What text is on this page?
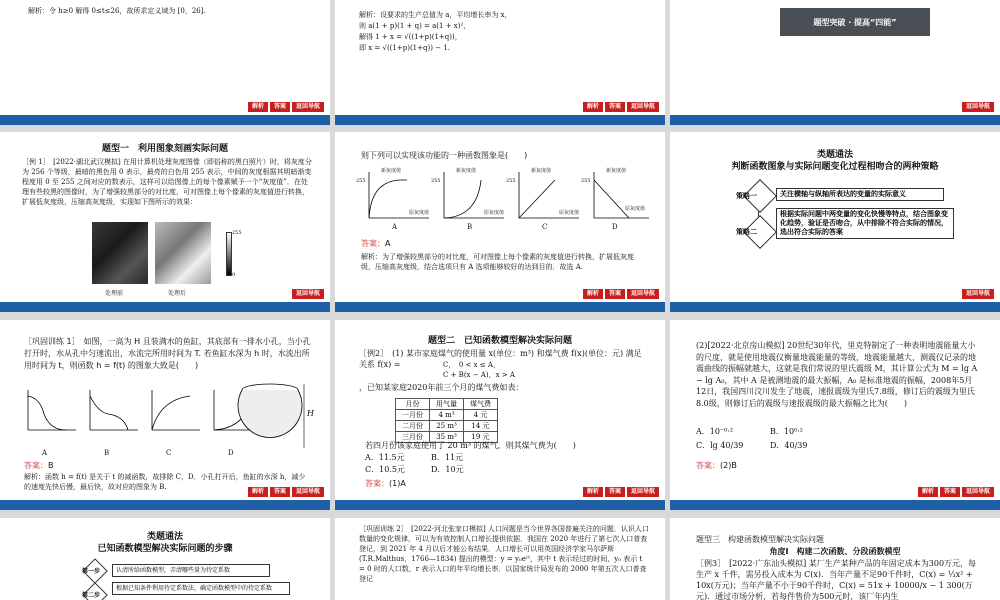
解析：令 h≥0 解得 0≤t≤26，故所求定义域为 [0，26].
解析	答案	返回导航
解析：设要求的生产总值为 a，平均增长率为 x，
则 a(1 + p)(1 + q) = a(1 + x)²，
解得 1 + x = √((1+p)(1+q))，
即 x = √((1+p)(1+q)) − 1.
解析	答案	返回导航
题型突破 · 提高“四能”
返回导航
题型一　利用图象刻画实际问题
［例 1］　[2022·湖北武汉模拟] 在用计算机处理灰度图像（即俗称的黑白照片）时，将灰度分为 256 个等级，最暗的黑色用 0 表示，最亮的白色用 255 表示，中间的灰度根据其明暗渐变程度用 0 至 255 之间对应的数表示，这样可以给图像上的每个像素赋予一个“灰度值”．在处理有些较黑的图像时，为了增强较黑部分的对比度，可对图像上每个像素的灰度值进行转换，扩展低灰度级，压缩高灰度级，实现如下图所示的效果：
255
0
处理前	处理后	返回导航
则下列可以实现该功能的一种函数图象是(　　)
新灰度值	新灰度值	新灰度值	新灰度值
原灰度值	原灰度值	原灰度值
原灰度值
255	255	255	255
A	B	C	D
答案：A
解析：为了增强较黑部分的对比度，可对图像上每个像素的灰度值进行转换，扩展低灰度级，压缩高灰度级，结合选项只有 A 选项能够较好的达到目的．故选 A.
解析	答案	返回导航
类题通法
判断函数图象与实际问题变化过程相吻合的两种策略
策略一
策略二
关注横轴与纵轴所表达的变量的实际意义
根据实际问题中两变量的变化快慢等特点，结合图象变化趋势，验证是否吻合，从中排除不符合实际的情况，选出符合实际的答案
返回导航
［巩固训练 1］　如图，一高为 H 且装满水的鱼缸，其底部有一排水小孔，当小孔打开时，水从孔中匀速流出，水流完所用时间为 T. 若鱼缸水深为 h 时，水流出所用时间为 t，则函数 h = f(t) 的图象大致是(　　)
H
A	B	C	D
答案：B
解析：函数 h = f(t) 是关于 t 的减函数，故排除 C，D．小孔打开后，鱼缸的水深 h，减少的速度先快后慢，最后快，故对应的图象为 B.
解析	答案	返回导航
题型二　已知函数模型解决实际问题
［例2］　(1) 某市家庭煤气的使用量 x(单位：m³) 和煤气费 f(x)(单位：元) 满足关系 f(x) =	C，　0 < x ≤ A，
C + B(x − A)，x > A
，已知某家庭2020年前三个月的煤气费如表：
月份	用气量	煤气费
一月份	4 m³	4 元
二月份	25 m³	14 元
三月份	35 m³	19 元
若四月份该家庭使用了 20 m³ 的煤气，则其煤气费为(　　)
A．11.5元	B．11元
C．10.5元	D．10元
答案：(1)A
解析	答案	返回导航
(2)[2022·北京房山模拟] 20世纪30年代，里克特制定了一种表明地震能量大小的尺度，就是使用地震仪衡量地震能量的等级，地震能量越大，测震仪记录的地震曲线的振幅就越大，这就是我们常说的里氏震级 M，其计算公式为 M = lg A − lg A₀，其中 A 是被测地震的最大振幅，A₀ 是标准地震的振幅，2008年5月12日，我国四川汶川发生了地震，速报震级为里氏7.8级，修订后的震级为里氏8.0级，则修订后的震级与速报震级的最大振幅之比为(　　)
A．10⁻⁰·²	B．10⁰·²
C．lg 40/39	D．40/39
答案：(2)B
解析	答案	返回导航
类题通法
已知函数模型解决实际问题的步骤
第一步
第二步
认清所给函数模型，弄清哪些量为待定系数
根据已知条件利用待定系数法，确定函数模型中的待定系数
［巩固训练 2］　[2022·河北张家口模拟] 人口问题是当今世界各国普遍关注的问题．认识人口数量的变化规律，可以为有效控制人口增长提供依据．我国在 2020 年进行了第七次人口普查登记，到 2021 年 4 月以后才能公布结果．人口增长可以用英国经济学家马尔萨斯 (T.R.Malthus，1766—1834) 提出的模型：y = y₀eʳᵗ，其中 t 表示经过的时间，y₀ 表示 t = 0 时的人口数，r 表示人口的年平均增长率．以国家统计局发布的 2000 年第五次人口普查登记
题型三　构建函数模型解决实际问题
角度Ⅰ　构建二次函数、分段函数模型
［例3］　[2022·广东汕头模拟] 某厂生产某种产品的年固定成本为300万元，每生产 x 千件，需另投入成本为 C(x)．当年产量不足90千件时，C(x) = ⅓x² + 10x(万元)；当年产量不小于90千件时，C(x) = 51x + 10000/x − 1 300(万元)．通过市场分析，若每件售价为500元时，该厂年内生
